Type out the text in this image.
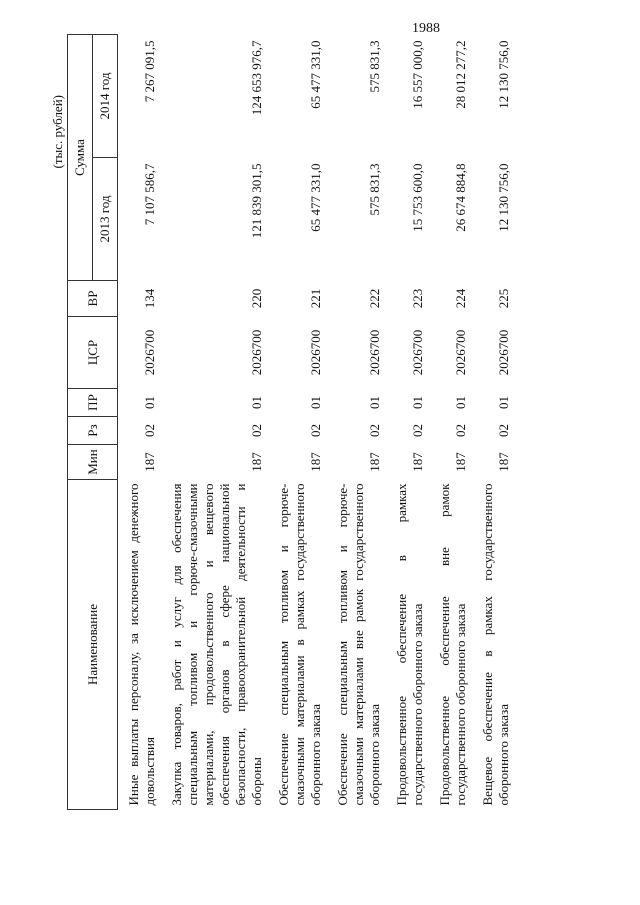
1988
(тыс. рублей)
Наименование	Мин	Рз	ПР	ЦСР	ВР	Сумма	
						2013 год	2014 год
Иные выплаты персоналу, за исключением денежного довольствия	187	02	01	2026700	134	7 107 586,7	7 267 091,5
Закупка товаров, работ и услуг для обеспечения специальным топливом и горюче-смазочными материалами, продовольственного и вещевого обеспечения органов в сфере национальной безопасности, правоохранительной деятельности и обороны	187	02	01	2026700	220	121 839 301,5	124 653 976,7
Обеспечение специальным топливом и горюче-смазочными материалами в рамках государственного оборонного заказа	187	02	01	2026700	221	65 477 331,0	65 477 331,0
Обеспечение специальным топливом и горюче-смазочными материалами вне рамок государственного оборонного заказа	187	02	01	2026700	222	575 831,3	575 831,3
Продовольственное обеспечение в рамках государственного оборонного заказа	187	02	01	2026700	223	15 753 600,0	16 557 000,0
Продовольственное обеспечение вне рамок государственного оборонного заказа	187	02	01	2026700	224	26 674 884,8	28 012 277,2
Вещевое обеспечение в рамках государственного оборонного заказа	187	02	01	2026700	225	12 130 756,0	12 130 756,0
